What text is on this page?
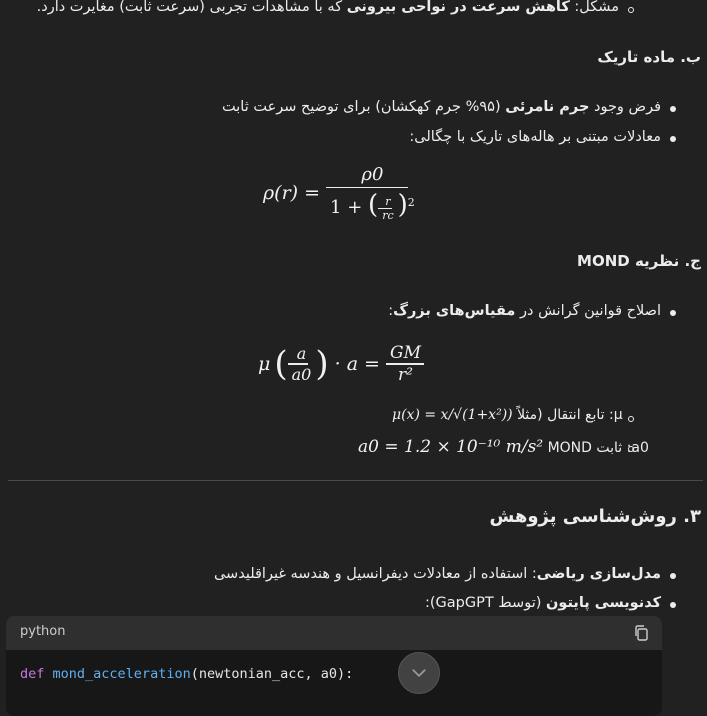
مشکل: کاهش سرعت در نواحی بیرونی که با مشاهدات تجربی (سرعت ثابت) مغایرت دارد.
ب. ماده تاریک
فرض وجود جرم نامرئی (۹۵% جرم کهکشان) برای توضیح سرعت ثابت
معادلات مبتنی بر هاله‌های تاریک با چگالی:
$\rho(r) = \frac{\rho 0}{1 + ( \frac{r}{rc} )^2}$
ج. نظریه MOND
اصلاح قوانین گرانش در مقیاس‌های بزرگ:
μ ( $\frac{a}{a0}$ ) · $a = \frac{GM}{\text{r²}}$
μ: تابع انتقال (مثلاً μ(x) = x/√(1+x²))
a0: ثابت MOND a0 = 1.2 × 10⁻¹⁰ m/s²
۳. روش‌شناسی پژوهش
مدل‌سازی ریاضی: استفاده از معادلات دیفرانسیل و هندسه غیراقلیدسی
کدنویسی پایتون (توسط GapGPT):
python
def mond_acceleration(newtonian_acc, a0):
